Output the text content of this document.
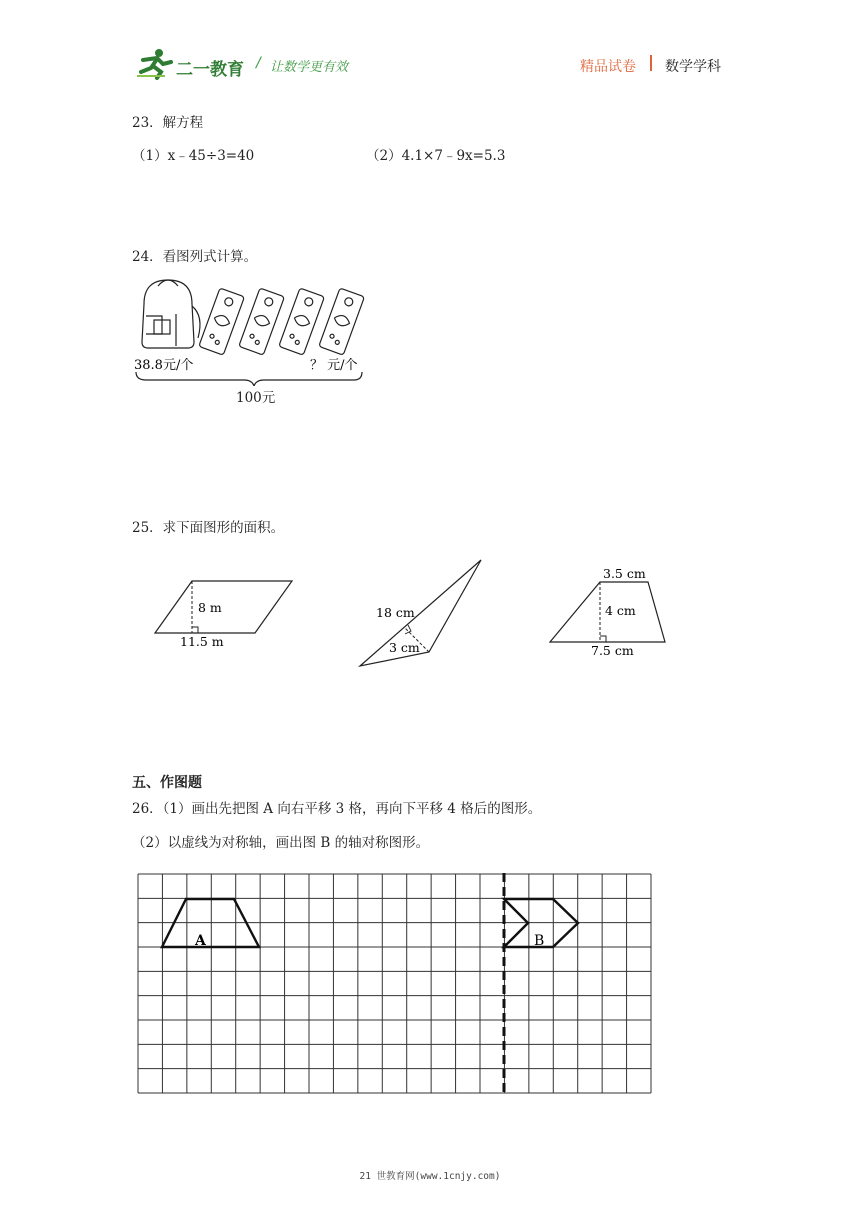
二一教育 / 让数学更有效	精品试卷 数学学科
23．解方程
（1）x﹣45÷3=40	（2）4.1×7﹣9x=5.3
24．看图列式计算。
38.8元/个	？ 元/个
100元
25．求下面图形的面积。
8 m
11.5 m
18 cm
3 cm
3.5 cm
4 cm
7.5 cm
五、作图题
26．（1）画出先把图 A 向右平移 3 格，再向下平移 4 格后的图形。
（2）以虚线为对称轴，画出图 B 的轴对称图形。
A	B
21 世教育网(www.1cnjy.com)
